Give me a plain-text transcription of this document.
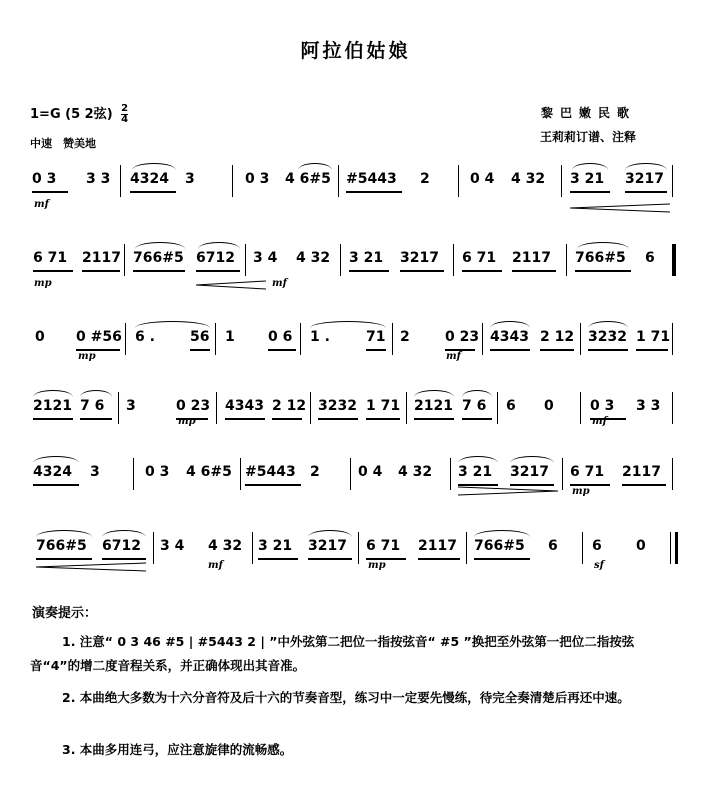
阿拉伯姑娘
1=G (5 2弦) $\frac{2}{4}$
中速　赞美地
黎巴嫩民歌
王莉莉订谱、注释
0 3 3 3 4324 3	0 3 4 6#5 #5443 2	0 4 4 32 3 21 3217
mf
6 71 2117 766#5 6712 3 4 4 32 3 21 3217 6 71 2117 766#5 6
mp	mf
0 0 #56 6 .	56 1 0 6 1 .	71 2	0 23 4343 2 12 3232 1 71
mp	mf
2121 7 6 3	0 23 4343 2 12 3232 1 71 2121 7 6 6 0	0 3 3 3
mp	mf
4324 3	0 3 4 6#5 #5443 2	0 4 4 32 3 21 3217 6 71 2117
mp
766#5 6712 3 4 4 32 3 21 3217 6 71 2117 766#5 6 6 0
mf	mp	sf
演奏提示：
1. 注意“ 0 3 46 #5 | #5443 2 | ”中外弦第二把位一指按弦音“ #5 ”换把至外弦第一把位二指按弦音“4”的增二度音程关系，并正确体现出其音准。
2. 本曲绝大多数为十六分音符及后十六的节奏音型，练习中一定要先慢练，待完全奏清楚后再还中速。
3. 本曲多用连弓，应注意旋律的流畅感。
